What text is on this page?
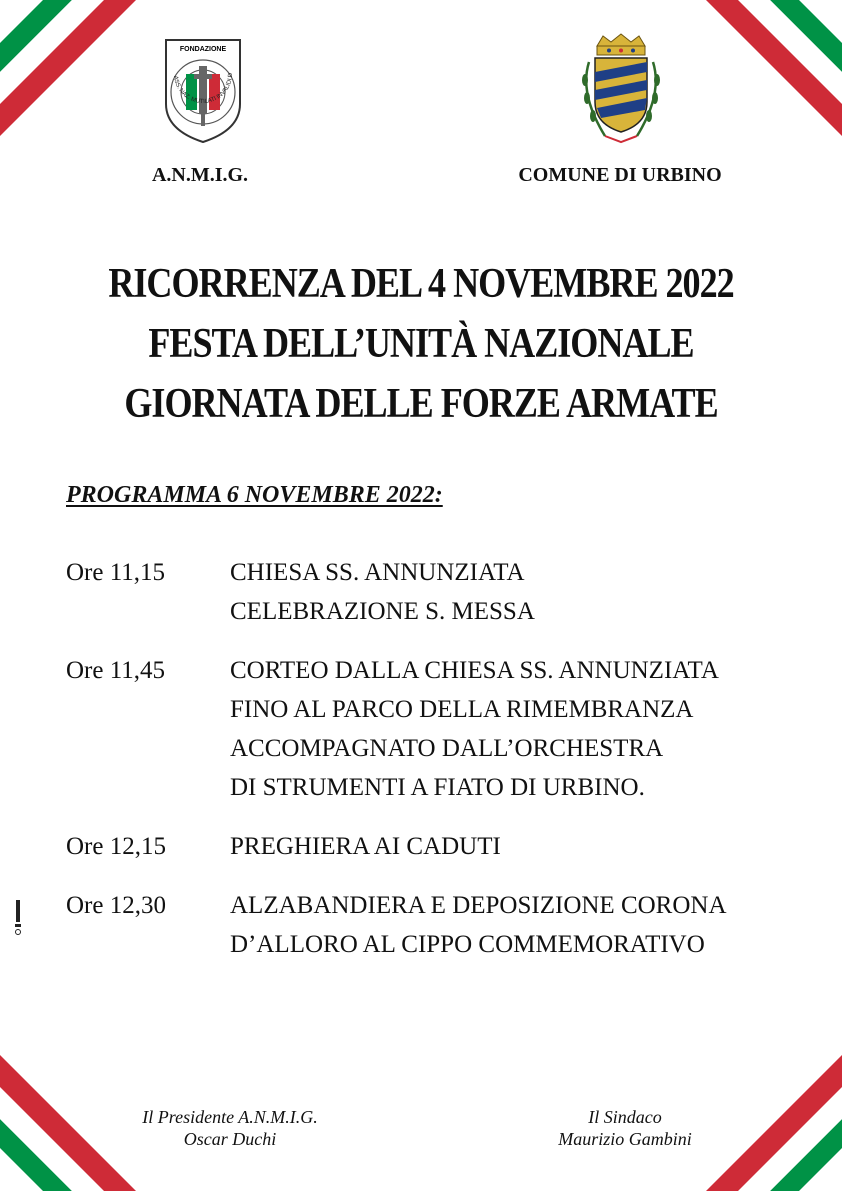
FONDAZIONE
ASS. NAZ. MUTILATI INVALIDI D
A.N.M.I.G.	COMUNE DI URBINO
RICORRENZA DEL 4 NOVEMBRE 2022
FESTA DELL’UNITÀ NAZIONALE
GIORNATA DELLE FORZE ARMATE
PROGRAMMA 6 NOVEMBRE 2022:
Ore 11,15	CHIESA SS. ANNUNZIATA
CELEBRAZIONE S. MESSA
Ore 11,45	CORTEO DALLA CHIESA SS. ANNUNZIATA
FINO AL PARCO DELLA RIMEMBRANZA
ACCOMPAGNATO DALL’ORCHESTRA
DI STRUMENTI A FIATO DI URBINO.
Ore 12,15	PREGHIERA AI CADUTI
Ore 12,30	ALZABANDIERA E DEPOSIZIONE CORONA
D’ALLORO AL CIPPO COMMEMORATIVO
Il Presidente A.N.M.I.G.
Oscar Duchi
Il Sindaco
Maurizio Gambini
